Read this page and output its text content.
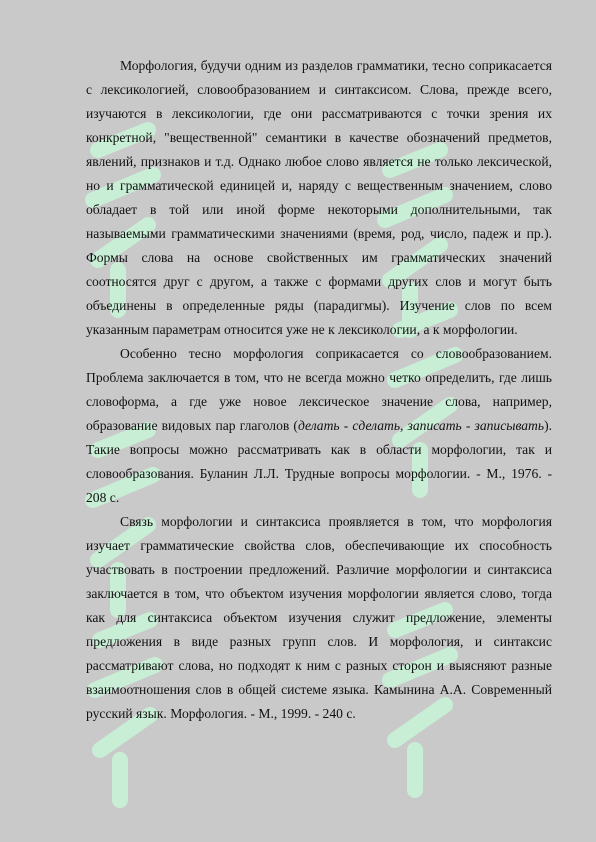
Морфология, будучи одним из разделов грамматики, тесно соприкасается с лексикологией, словообразованием и синтаксисом. Слова, прежде всего, изучаются в лексикологии, где они рассматриваются с точки зрения их конкретной, "вещественной" семантики в качестве обозначений предметов, явлений, признаков и т.д. Однако любое слово является не только лексической, но и грамматической единицей и, наряду с вещественным значением, слово обладает в той или иной форме некоторыми дополнительными, так называемыми грамматическими значениями (время, род, число, падеж и пр.). Формы слова на основе свойственных им грамматических значений соотносятся друг с другом, а также с формами других слов и могут быть объединены в определенные ряды (парадигмы). Изучение слов по всем указанным параметрам относится уже не к лексикологии, а к морфологии.

Особенно тесно морфология соприкасается со словообразованием. Проблема заключается в том, что не всегда можно четко определить, где лишь словоформа, а где уже новое лексическое значение слова, например, образование видовых пар глаголов (делать - сделать, записать - записывать). Такие вопросы можно рассматривать как в области морфологии, так и словообразования. Буланин Л.Л. Трудные вопросы морфологии. - М., 1976. - 208 с.

Связь морфологии и синтаксиса проявляется в том, что морфология изучает грамматические свойства слов, обеспечивающие их способность участвовать в построении предложений. Различие морфологии и синтаксиса заключается в том, что объектом изучения морфологии является слово, тогда как для синтаксиса объектом изучения служит предложение, элементы предложения в виде разных групп слов. И морфология, и синтаксис рассматривают слова, но подходят к ним с разных сторон и выясняют разные взаимоотношения слов в общей системе языка. Камынина А.А. Современный русский язык. Морфология. - М., 1999. - 240 с.
